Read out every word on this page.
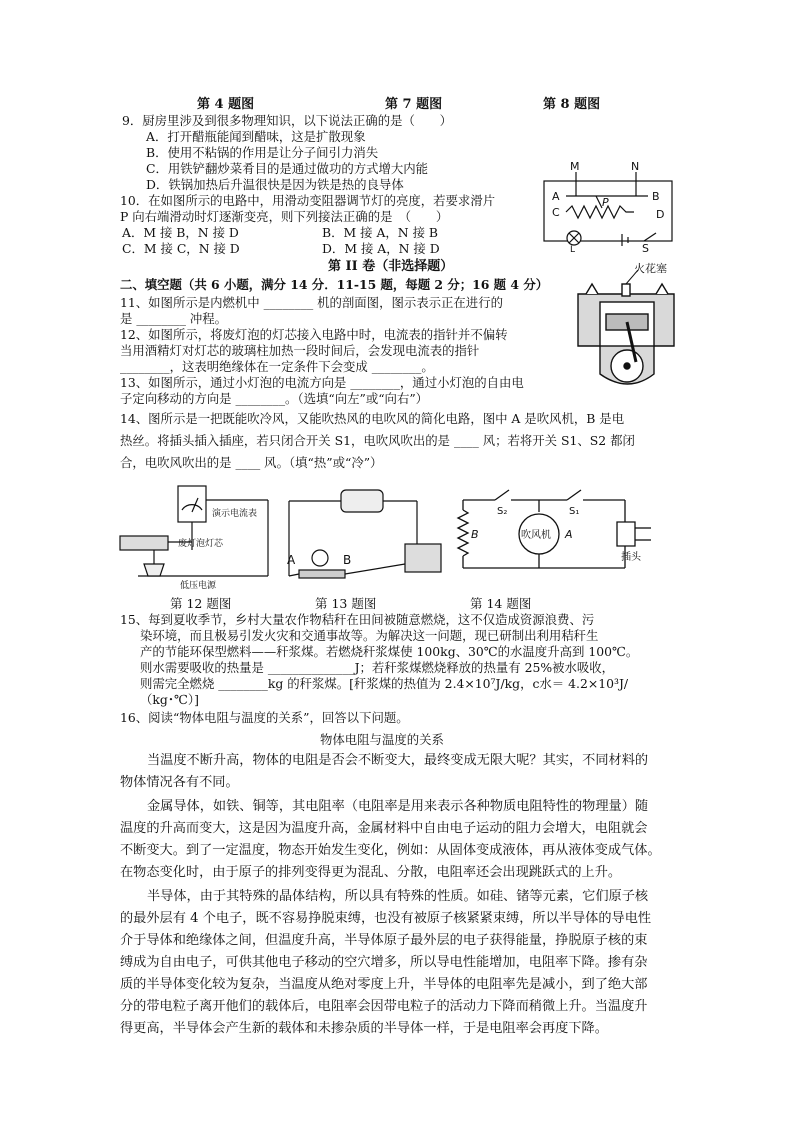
第 4 题图	第 7 题图	第 8 题图
9．厨房里涉及到很多物理知识，以下说法正确的是（　　）
A．打开醋瓶能闻到醋味，这是扩散现象
B．使用不粘锅的作用是让分子间引力消失
C．用铁铲翻炒菜肴目的是通过做功的方式增大内能
D．铁锅加热后升温很快是因为铁是热的良导体
10．在如图所示的电路中，用滑动变阻器调节灯的亮度，若要求滑片
P 向右端滑动时灯逐渐变亮，则下列接法正确的是　（　　）
A．M 接 B，N 接 D	B．M 接 A，N 接 B
C．M 接 C，N 接 D	D．M 接 A，N 接 D
M	N
A	B
C	D
P
L	S
第 II 卷（非选择题）
二、填空题（共 6 小题，满分 14 分．11-15 题，每题 2 分；16 题 4 分）
11、如图所示是内燃机中 ________ 机的剖面图，图示表示正在进行的
是 ________ 冲程。
火花塞
12、如图所示，将废灯泡的灯芯接入电路中时，电流表的指针并不偏转
当用酒精灯对灯芯的玻璃柱加热一段时间后，会发现电流表的指针
________，这表明绝缘体在一定条件下会变成 ________。
13、如图所示，通过小灯泡的电流方向是 ________，通过小灯泡的自由电
子定向移动的方向是 ________。（选填“向左”或“向右”）
14、图所示是一把既能吹冷风，又能吹热风的电吹风的简化电路，图中 A 是吹风机，B 是电
热丝。将插头插入插座，若只闭合开关 S1，电吹风吹出的是 ____ 风；若将开关 S1、S2 都闭
合，电吹风吹出的是 ____ 风。（填“热”或“冷”）
演示电流表
废灯泡灯芯
低压电源
A	B
B	吹风机 A
S₂	S₁
插头
第 12 题图	第 13 题图	第 14 题图
15、每到夏收季节，乡村大量农作物秸秆在田间被随意燃烧，这不仅造成资源浪费、污
染环境，而且极易引发火灾和交通事故等。为解决这一问题，现已研制出利用秸秆生
产的节能环保型燃料——秆浆煤。若燃烧秆浆煤使 100kg、30℃的水温度升高到 100℃。
则水需要吸收的热量是 ______________J；若秆浆煤燃烧释放的热量有 25%被水吸收，
则需完全燃烧 ________kg 的秆浆煤。[秆浆煤的热值为 2.4×10⁷J/kg，c水＝ 4.2×10³J/
（kg･℃）]
16、阅读“物体电阻与温度的关系”，回答以下问题。
物体电阻与温度的关系
当温度不断升高，物体的电阻是否会不断变大，最终变成无限大呢？其实，不同材料的
物体情况各有不同。
金属导体，如铁、铜等，其电阻率（电阻率是用来表示各种物质电阻特性的物理量）随
温度的升高而变大，这是因为温度升高，金属材料中自由电子运动的阻力会增大，电阻就会
不断变大。到了一定温度，物态开始发生变化，例如：从固体变成液体，再从液体变成气体。
在物态变化时，由于原子的排列变得更为混乱、分散，电阻率还会出现跳跃式的上升。
半导体，由于其特殊的晶体结构，所以具有特殊的性质。如硅、锗等元素，它们原子核
的最外层有 4 个电子，既不容易挣脱束缚，也没有被原子核紧紧束缚，所以半导体的导电性
介于导体和绝缘体之间，但温度升高，半导体原子最外层的电子获得能量，挣脱原子核的束
缚成为自由电子，可供其他电子移动的空穴增多，所以导电性能增加，电阻率下降。掺有杂
质的半导体变化较为复杂，当温度从绝对零度上升，半导体的电阻率先是减小，到了绝大部
分的带电粒子离开他们的载体后，电阻率会因带电粒子的活动力下降而稍微上升。当温度升
得更高，半导体会产生新的载体和未掺杂质的半导体一样，于是电阻率会再度下降。
